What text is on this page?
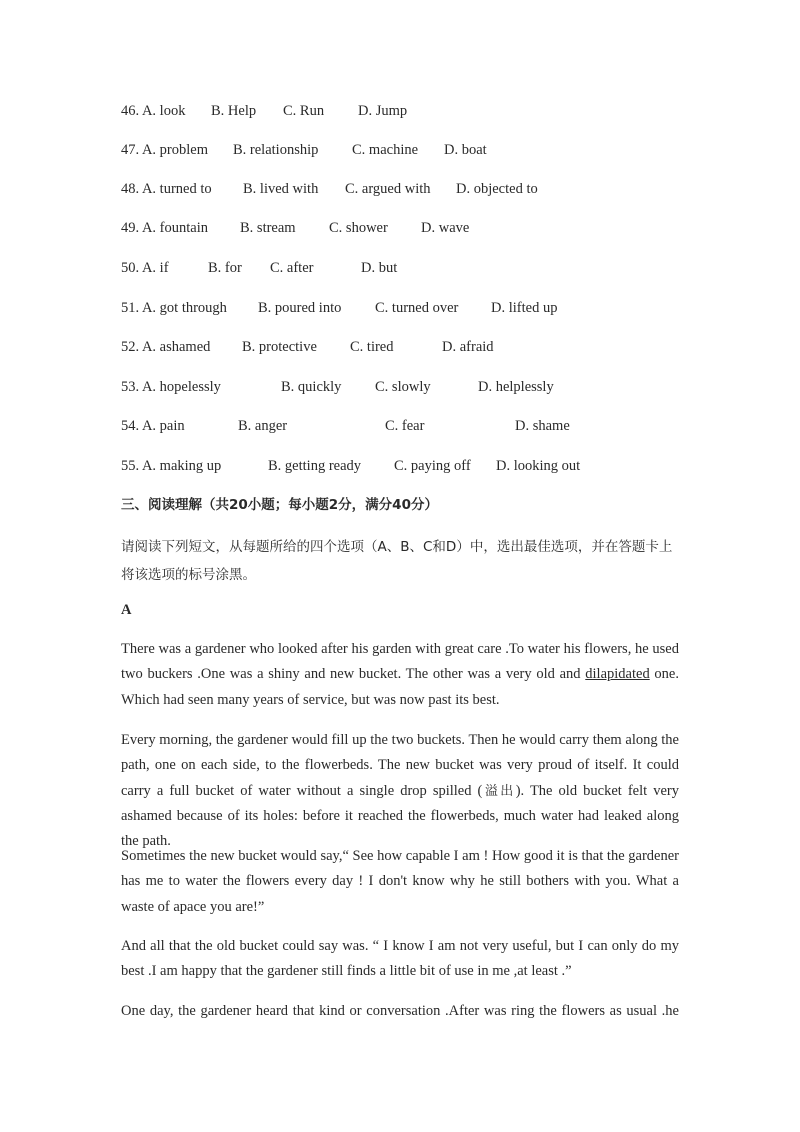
46. A. look B. Help C. Run D. Jump
47. A. problem B. relationship C. machine D. boat
48. A. turned to B. lived with C. argued with D. objected to
49. A. fountain B. stream C. shower D. wave
50. A. if	B. for C. after	D. but
51. A. got through B. poured into C. turned over D. lifted up
52. A. ashamed B. protective C. tired	D. afraid
53. A. hopelessly	B. quickly C. slowly	D. helplessly
54. A. pain	B. anger	C. fear	D. shame
55. A. making up	B. getting ready C. paying off D. looking out
三、阅读理解（共20小题；每小题2分，满分40分）
请阅读下列短文，从每题所给的四个选项（A、B、C和D）中，选出最佳选项，并在答题卡上将该选项的标号涂黑。
A
There was a gardener who looked after his garden with great care .To water his flowers, he used two buckers .One was a shiny and new bucket. The other was a very old and dilapidated one. Which had seen many years of service, but was now past its best.
Every morning, the gardener would fill up the two buckets. Then he would carry them along the path, one on each side, to the flowerbeds. The new bucket was very proud of itself. It could carry a full bucket of water without a single drop spilled (溢出). The old bucket felt very ashamed because of its holes: before it reached the flowerbeds, much water had leaked along the path.
Sometimes the new bucket would say,“ See how capable I am ! How good it is that the gardener has me to water the flowers every day ! I don't know why he still bothers with you. What a waste of apace you are!”
And all that the old bucket could say was. “ I know I am not very useful, but I can only do my best .I am happy that the gardener still finds a little bit of use in me ,at least .”
One day, the gardener heard that kind or conversation .After was ring the flowers as usual .he
